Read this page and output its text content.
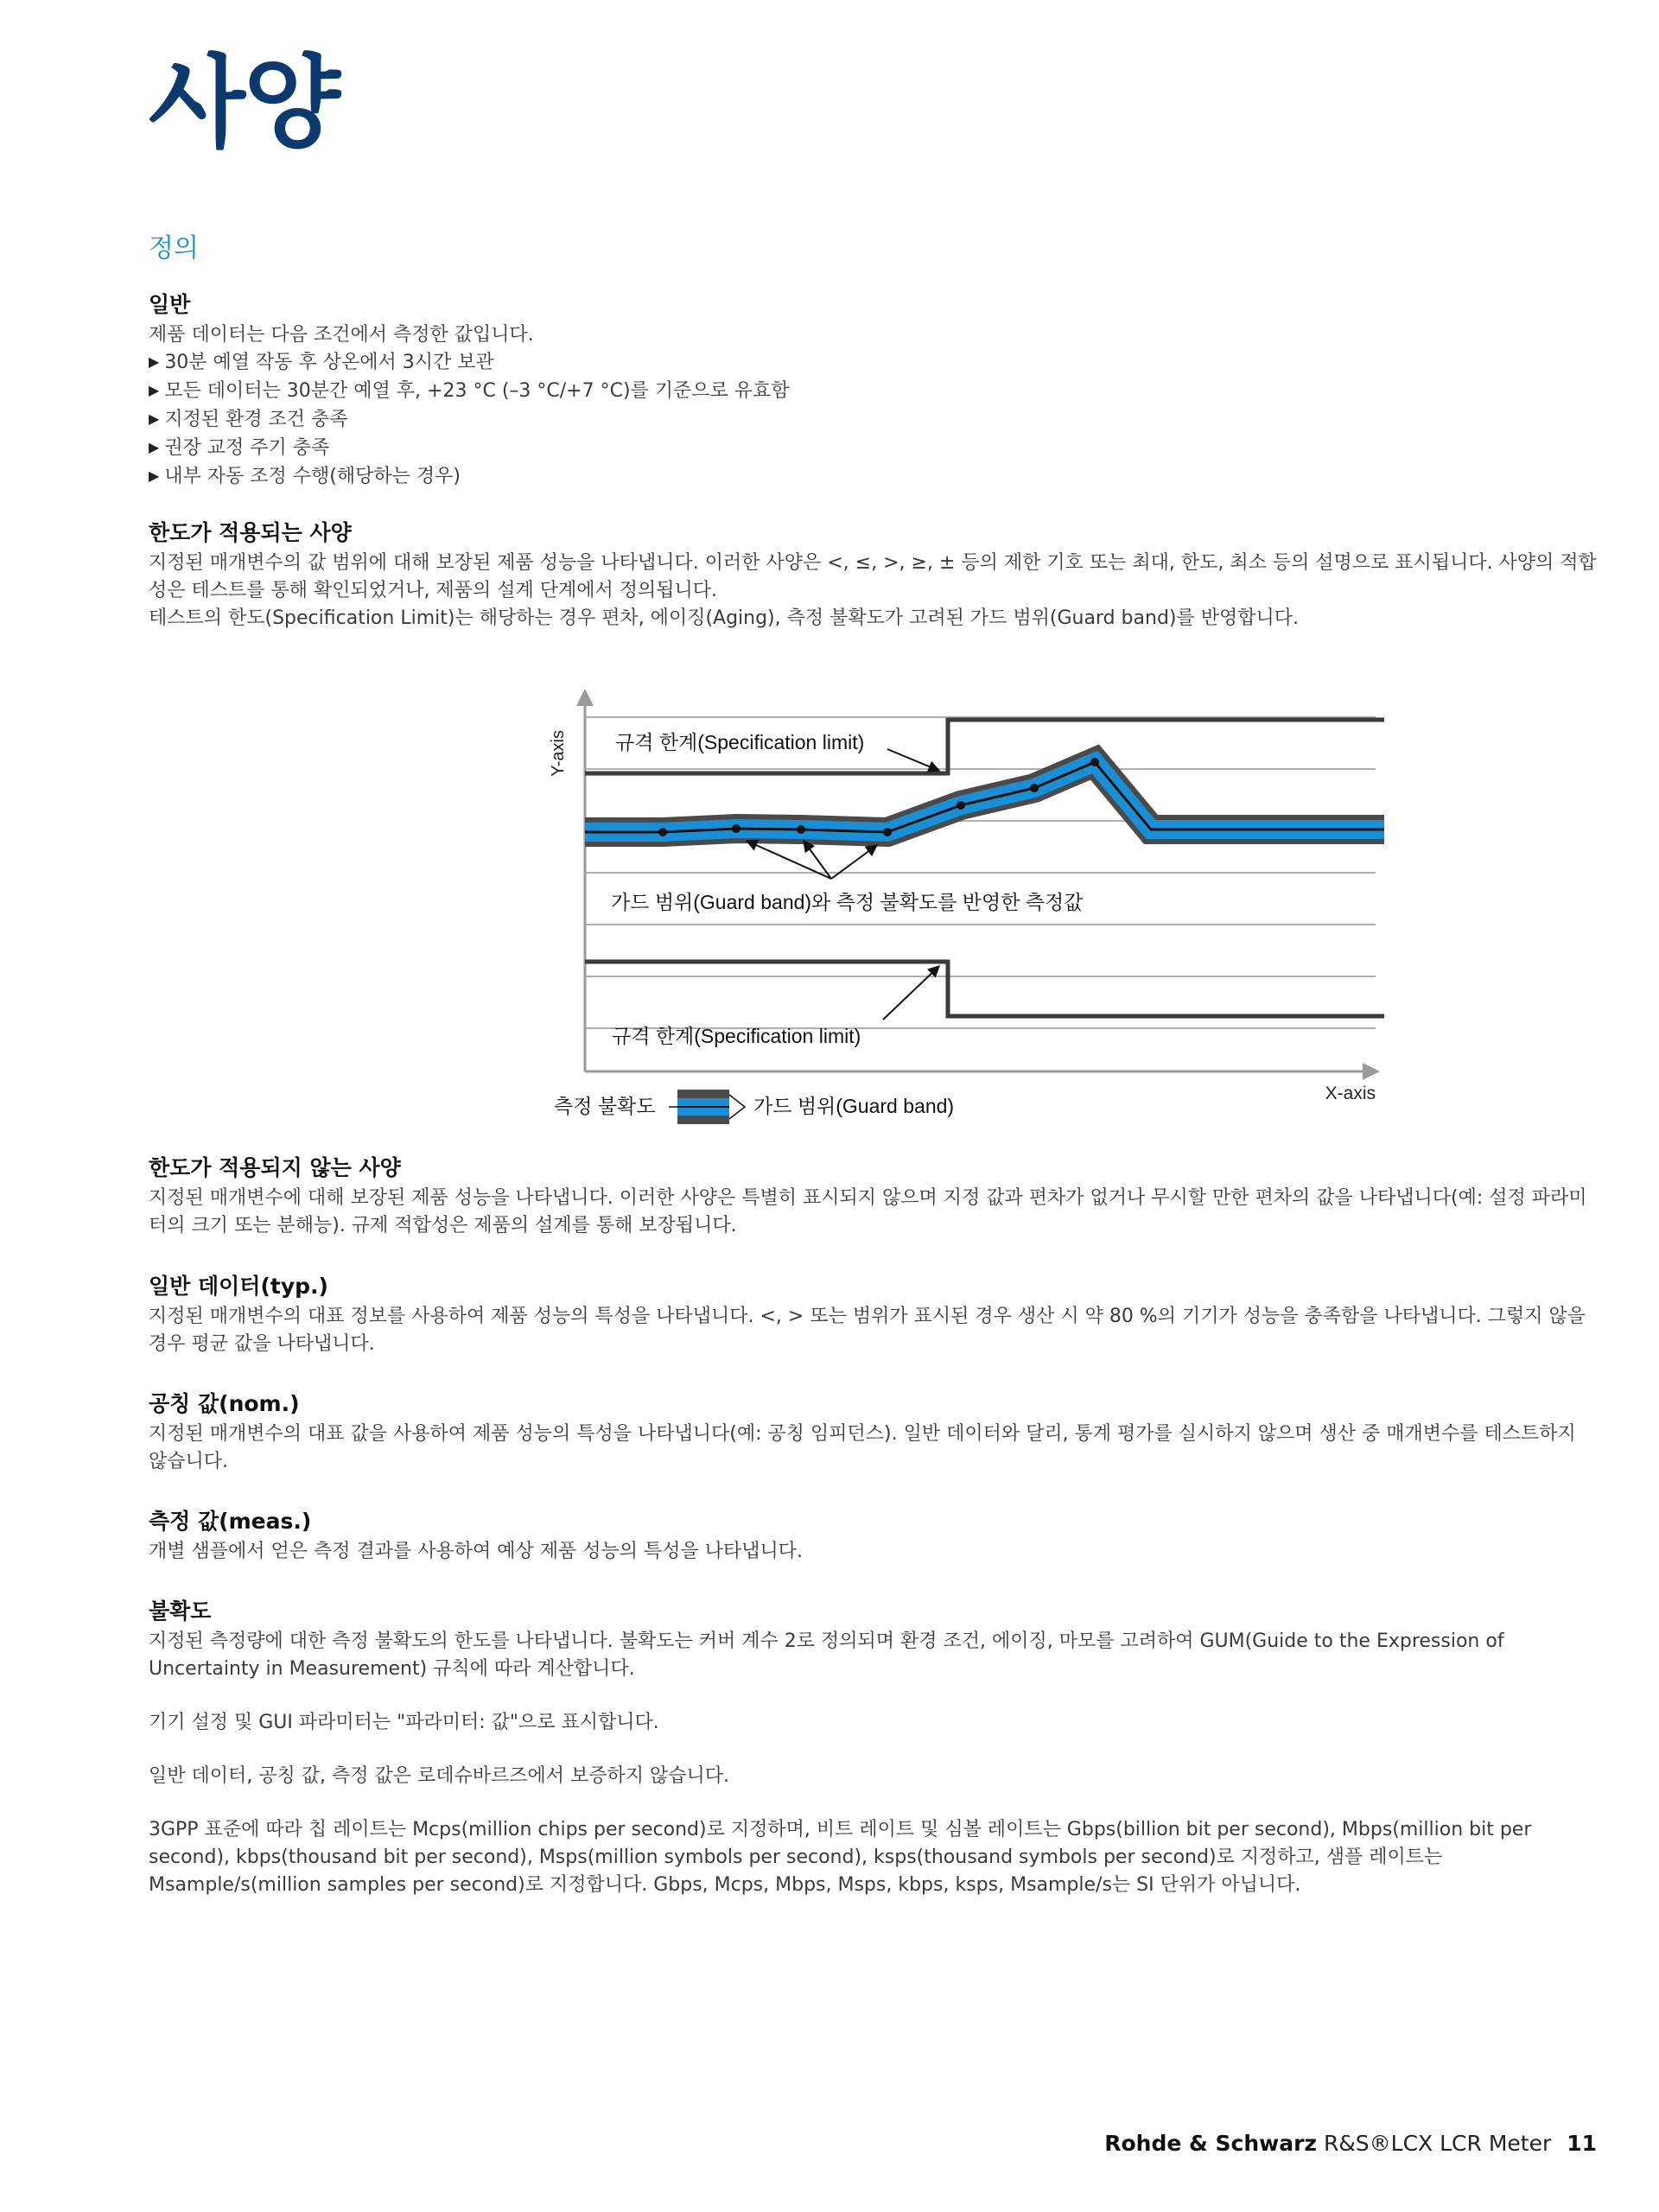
사양
정의
일반

제품 데이터는 다음 조건에서 측정한 값입니다.

▶ 30분 예열 작동 후 상온에서 3시간 보관
▶ 모든 데이터는 30분간 예열 후, +23 °C (–3 °C/+7 °C)를 기준으로 유효함
▶ 지정된 환경 조건 충족
▶ 권장 교정 주기 충족
▶ 내부 자동 조정 수행(해당하는 경우)
한도가 적용되는 사양

지정된 매개변수의 값 범위에 대해 보장된 제품 성능을 나타냅니다. 이러한 사양은 <, ≤, >, ≥, ± 등의 제한 기호 또는 최대, 한도, 최소 등의 설명으로 표시됩니다. 사양의 적합성은 테스트를 통해 확인되었거나, 제품의 설계 단계에서 정의됩니다.

테스트의 한도(Specification Limit)는 해당하는 경우 편차, 에이징(Aging), 측정 불확도가 고려된 가드 범위(Guard band)를 반영합니다.

Y-axis
X-axis
규격 한계(Specification limit)
규격 한계(Specification limit)
가드 범위(Guard band)와 측정 불확도를 반영한 측정값
측정 불확도	가드 범위(Guard band)
한도가 적용되지 않는 사양

지정된 매개변수에 대해 보장된 제품 성능을 나타냅니다. 이러한 사양은 특별히 표시되지 않으며 지정 값과 편차가 없거나 무시할 만한 편차의 값을 나타냅니다(예: 설정 파라미터의 크기 또는 분해능). 규제 적합성은 제품의 설계를 통해 보장됩니다.

일반 데이터(typ.)

지정된 매개변수의 대표 정보를 사용하여 제품 성능의 특성을 나타냅니다. <, > 또는 범위가 표시된 경우 생산 시 약 80 %의 기기가 성능을 충족함을 나타냅니다. 그렇지 않을 경우 평균 값을 나타냅니다.

공칭 값(nom.)

지정된 매개변수의 대표 값을 사용하여 제품 성능의 특성을 나타냅니다(예: 공칭 임피던스). 일반 데이터와 달리, 통계 평가를 실시하지 않으며 생산 중 매개변수를 테스트하지 않습니다.

측정 값(meas.)

개별 샘플에서 얻은 측정 결과를 사용하여 예상 제품 성능의 특성을 나타냅니다.

불확도

지정된 측정량에 대한 측정 불확도의 한도를 나타냅니다. 불확도는 커버 계수 2로 정의되며 환경 조건, 에이징, 마모를 고려하여 GUM(Guide to the Expression of Uncertainty in Measurement) 규칙에 따라 계산합니다.

기기 설정 및 GUI 파라미터는 "파라미터: 값"으로 표시합니다.

일반 데이터, 공칭 값, 측정 값은 로데슈바르즈에서 보증하지 않습니다.

3GPP 표준에 따라 칩 레이트는 Mcps(million chips per second)로 지정하며, 비트 레이트 및 심볼 레이트는 Gbps(billion bit per second), Mbps(million bit per second), kbps(thousand bit per second), Msps(million symbols per second), ksps(thousand symbols per second)로 지정하고, 샘플 레이트는 Msample/s(million samples per second)로 지정합니다. Gbps, Mcps, Mbps, Msps, kbps, ksps, Msample/s는 SI 단위가 아닙니다.

Rohde & Schwarz R&S®LCX LCR Meter 11
